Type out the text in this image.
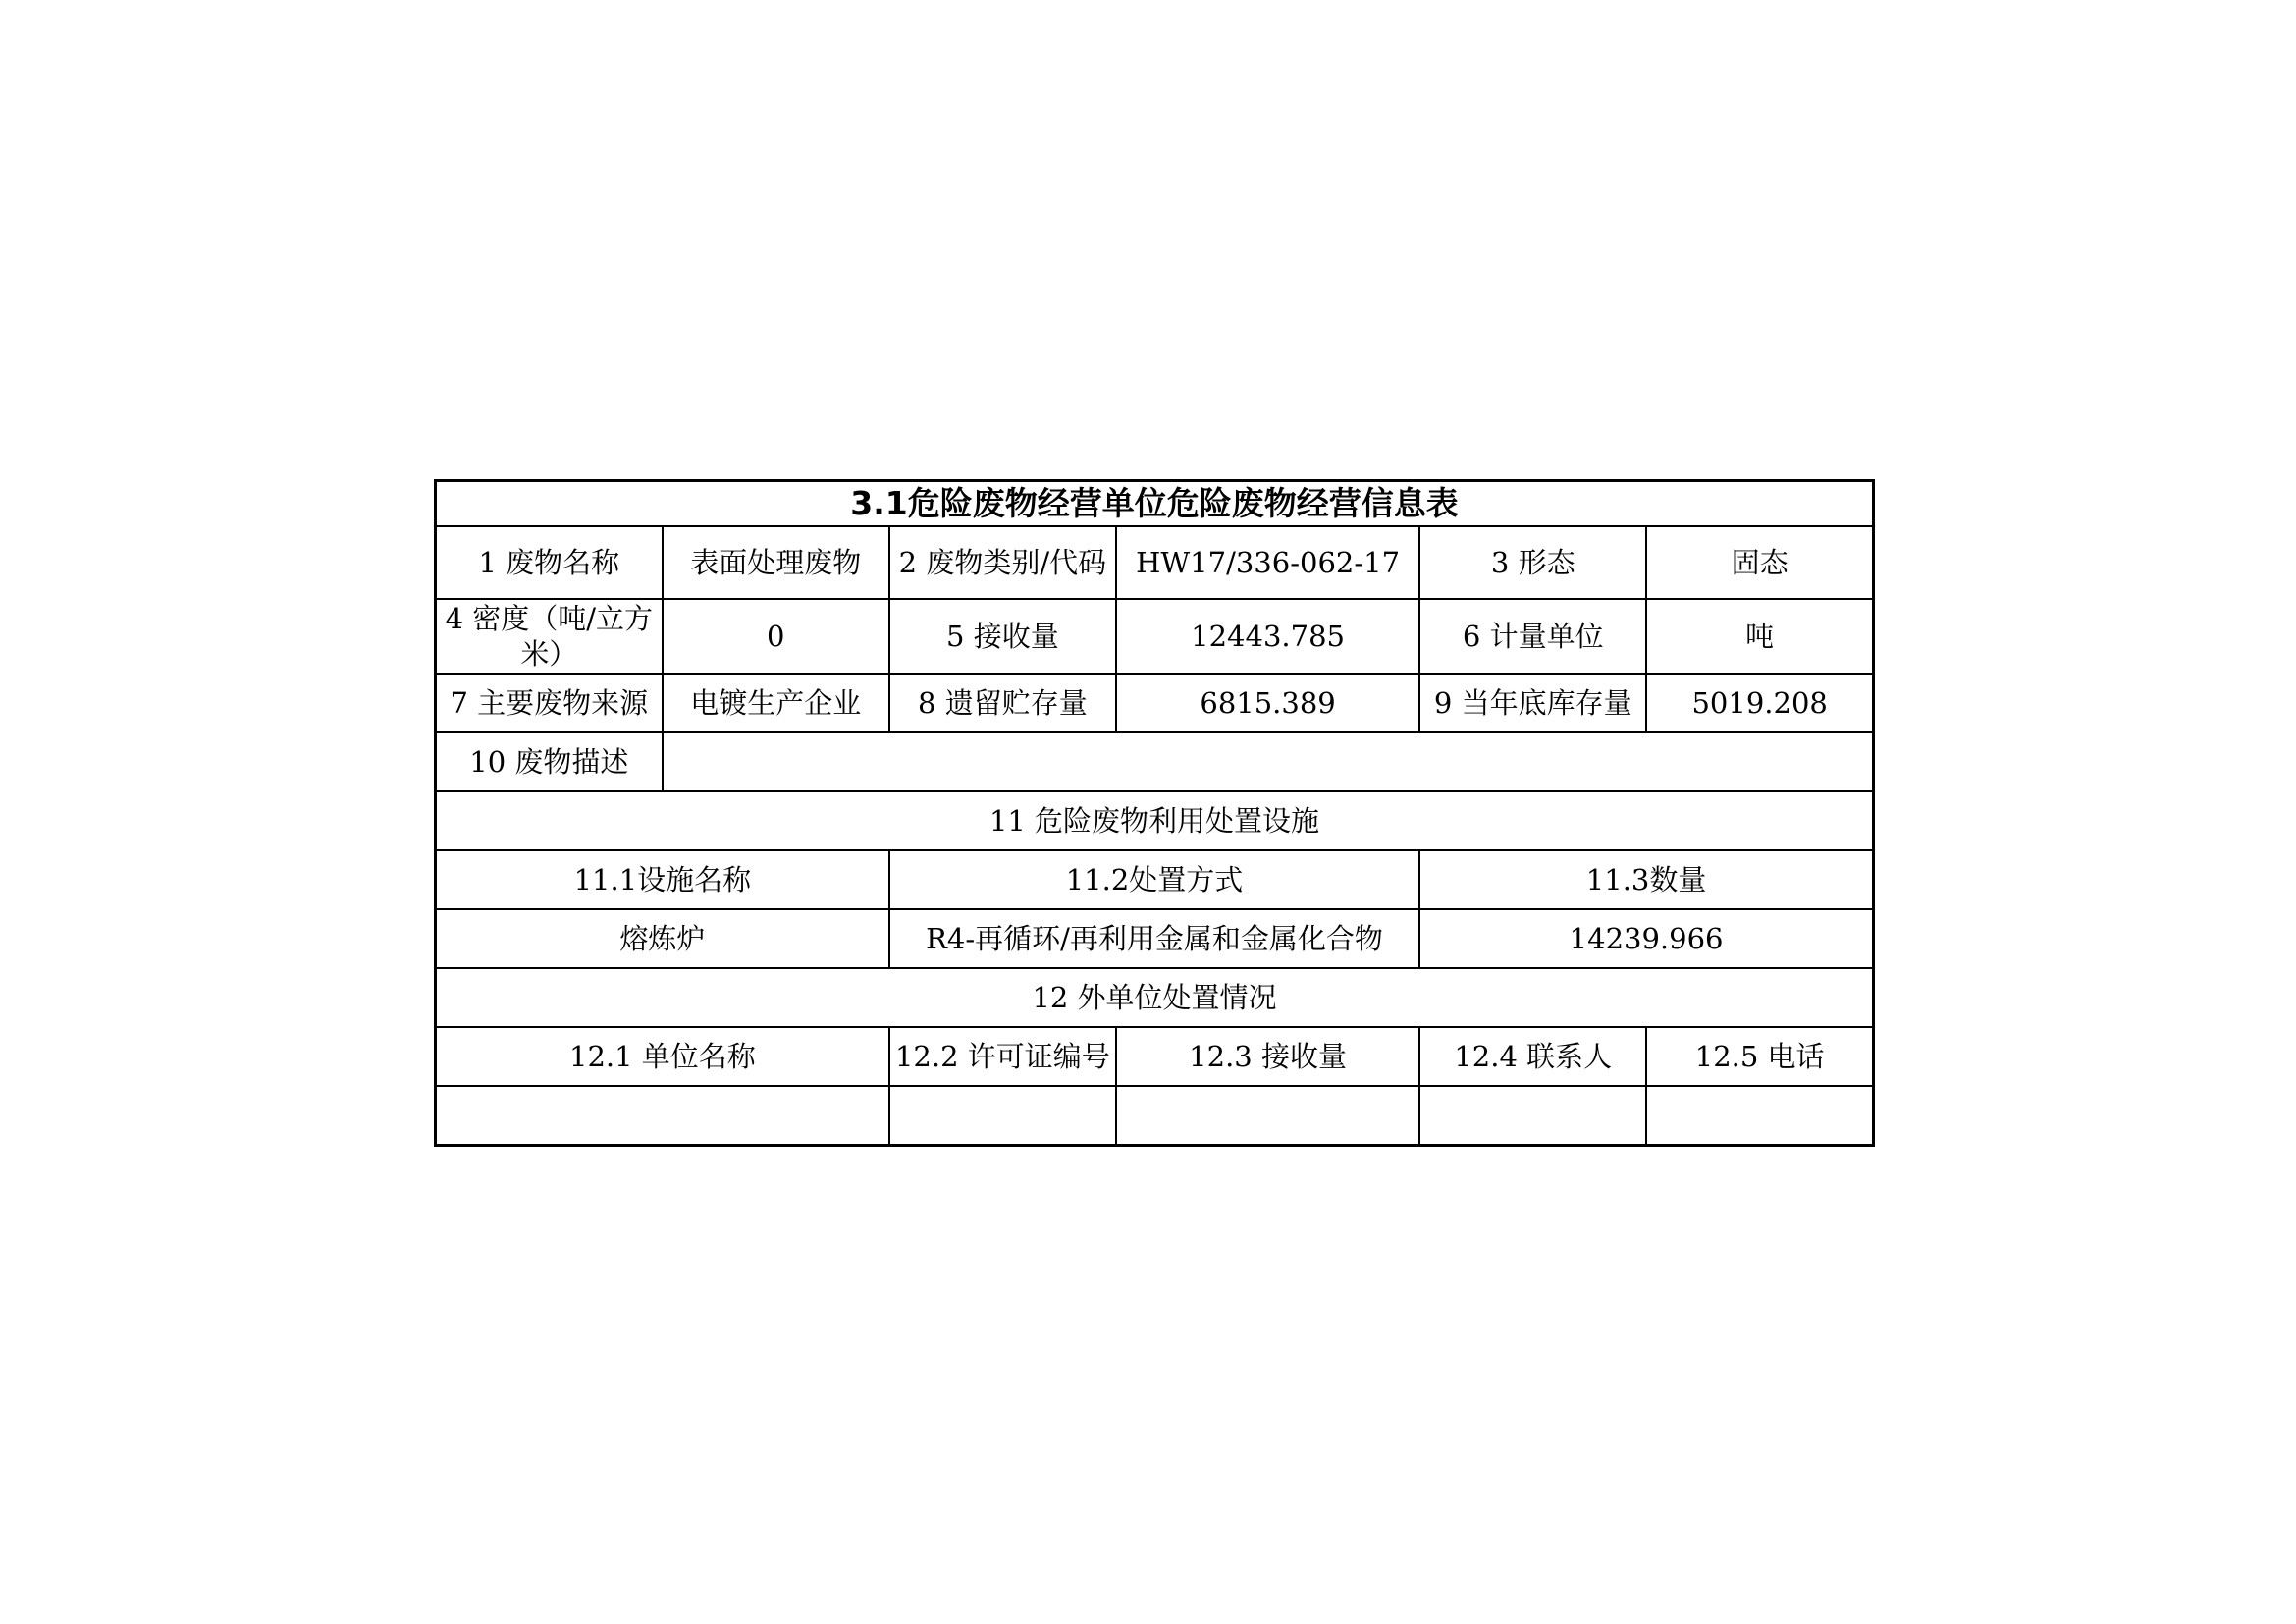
3.1危险废物经营单位危险废物经营信息表					
1 废物名称	表面处理废物	2 废物类别/代码	HW17/336-062-17	3 形态	固态
4 密度（吨/立方米）	0	5 接收量	12443.785	6 计量单位	吨
7 主要废物来源	电镀生产企业	8 遗留贮存量	6815.389	9 当年底库存量	5019.208
10 废物描述					
11 危险废物利用处置设施					
11.1设施名称		11.2处置方式		11.3数量	
熔炼炉		R4-再循环/再利用金属和金属化合物		14239.966	
12 外单位处置情况					
12.1 单位名称		12.2 许可证编号	12.3 接收量	12.4 联系人	12.5 电话
